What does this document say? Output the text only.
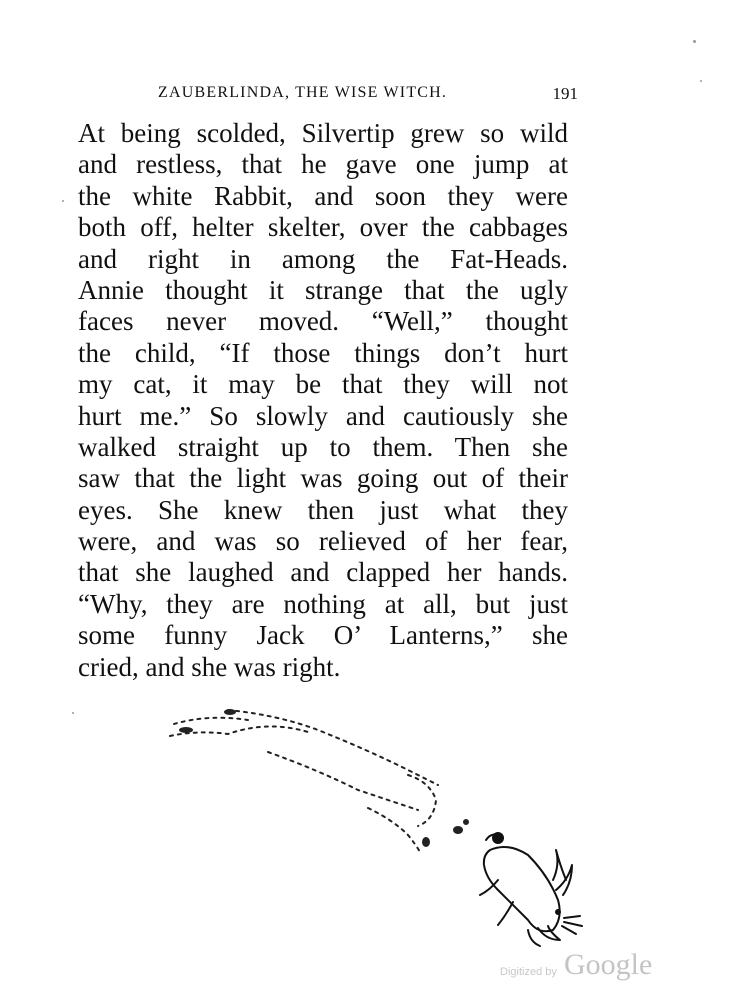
ZAUBERLINDA, THE WISE WITCH.	191
At being scolded, Silvertip grew so wild
and restless, that he gave one jump at
the white Rabbit, and soon they were
both off, helter skelter, over the cabbages
and right in among the Fat-Heads.
Annie thought it strange that the ugly
faces never moved. “Well,” thought
the child, “If those things don’t hurt
my cat, it may be that they will not
hurt me.” So slowly and cautiously she
walked straight up to them. Then she
saw that the light was going out of their
eyes. She knew then just what they
were, and was so relieved of her fear,
that she laughed and clapped her hands.
“Why, they are nothing at all, but just
some funny Jack O’ Lanterns,” she
cried, and she was right.
Digitized by Google
